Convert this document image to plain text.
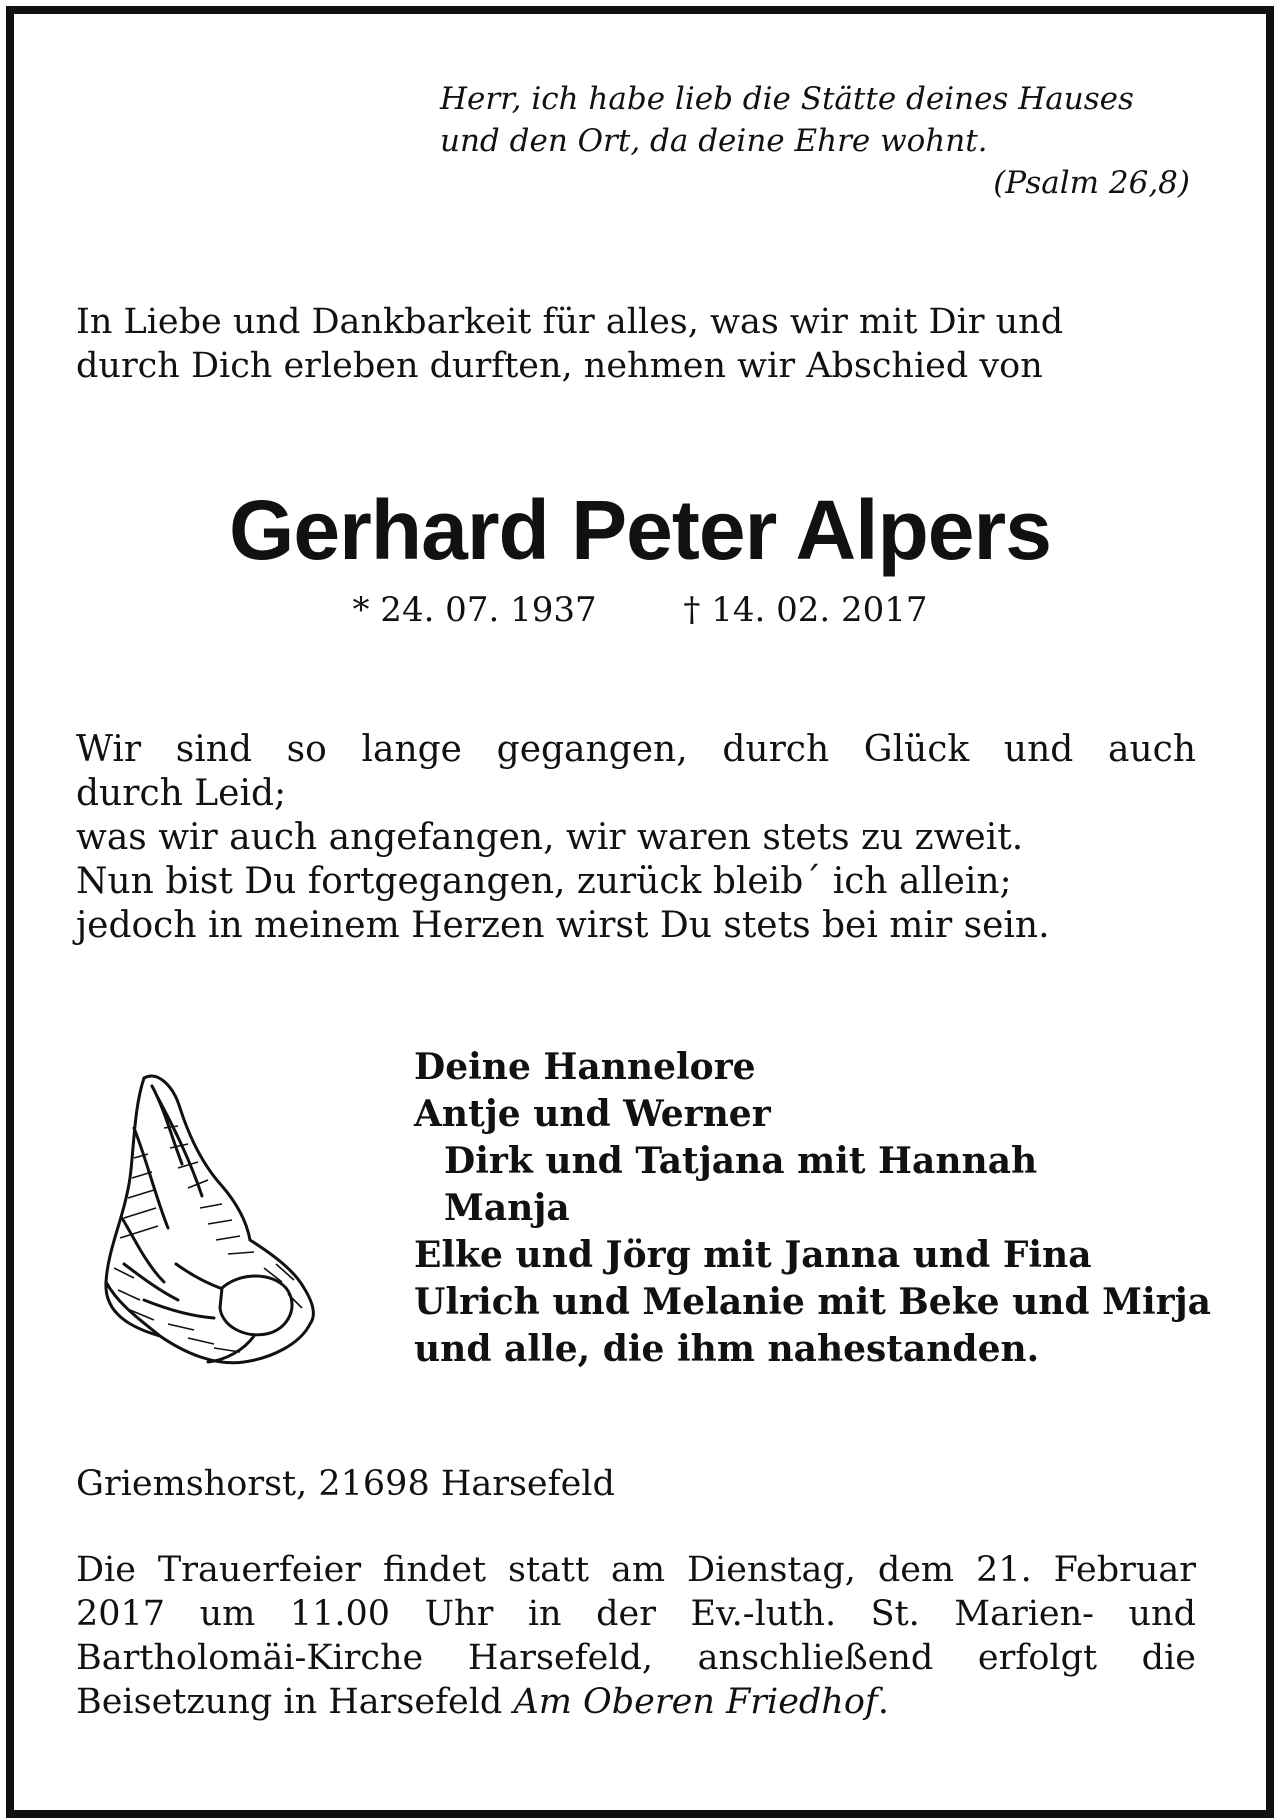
Herr, ich habe lieb die Stätte deines Hauses
und den Ort, da deine Ehre wohnt.
(Psalm 26,8)
In Liebe und Dankbarkeit für alles, was wir mit Dir und
durch Dich erleben durften, nehmen wir Abschied von
Gerhard Peter Alpers
* 24. 07. 1937	† 14. 02. 2017
Wir sind so lange gegangen, durch Glück und auch
durch Leid;
was wir auch angefangen, wir waren stets zu zweit.
Nun bist Du fortgegangen, zurück bleib´ ich allein;
jedoch in meinem Herzen wirst Du stets bei mir sein.
Deine Hannelore
Antje und Werner
Dirk und Tatjana mit Hannah
Manja
Elke und Jörg mit Janna und Fina
Ulrich und Melanie mit Beke und Mirja
und alle, die ihm nahestanden.
Griemshorst, 21698 Harsefeld
Die Trauerfeier findet statt am Dienstag, dem 21. Februar 2017 um 11.00 Uhr in der Ev.-luth. St. Marien- und Bartholomäi-Kirche Harsefeld, anschließend erfolgt die Beisetzung in Harsefeld Am Oberen Friedhof.
